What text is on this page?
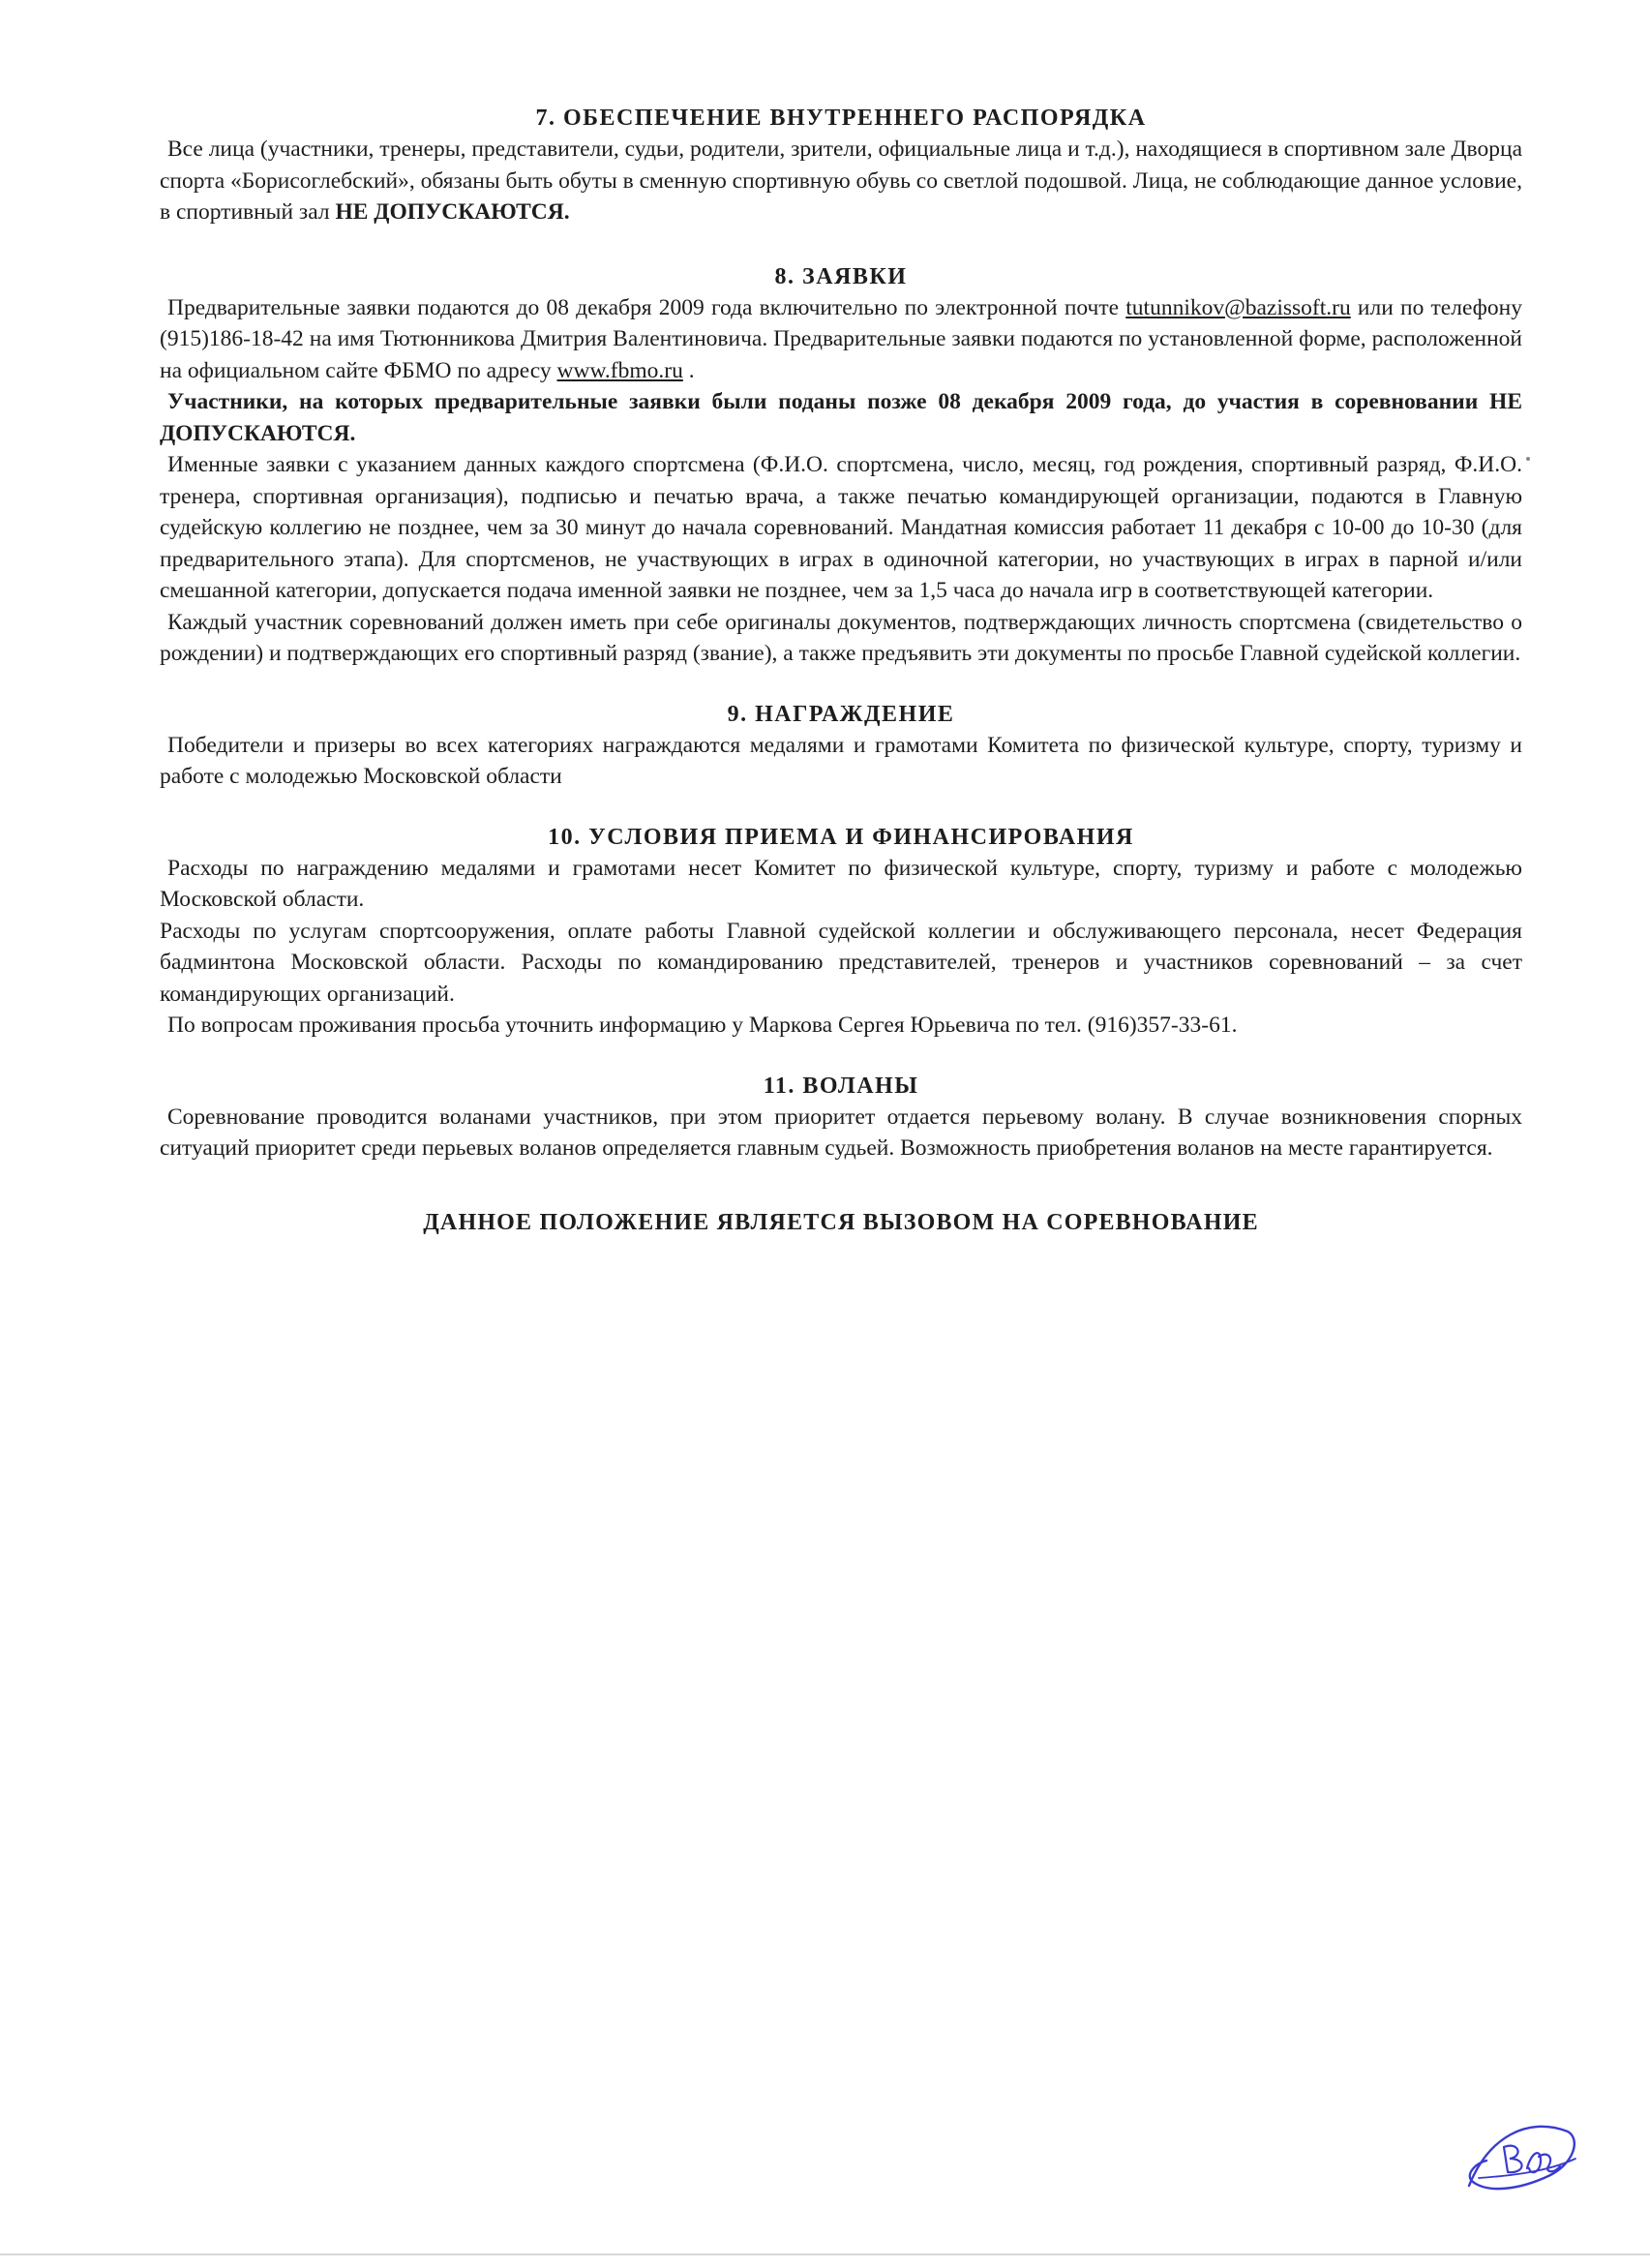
7. ОБЕСПЕЧЕНИЕ ВНУТРЕННЕГО РАСПОРЯДКА

Все лица (участники, тренеры, представители, судьи, родители, зрители, официальные лица и т.д.), находящиеся в спортивном зале Дворца спорта «Борисоглебский», обязаны быть обуты в сменную спортивную обувь со светлой подошвой. Лица, не соблюдающие данное условие, в спортивный зал НЕ ДОПУСКАЮТСЯ.

8. ЗАЯВКИ

Предварительные заявки подаются до 08 декабря 2009 года включительно по электронной почте tutunnikov@bazissoft.ru или по телефону (915)186-18-42 на имя Тютюнникова Дмитрия Валентиновича. Предварительные заявки подаются по установленной форме, расположенной на официальном сайте ФБМО по адресу www.fbmo.ru .

Участники, на которых предварительные заявки были поданы позже 08 декабря 2009 года, до участия в соревновании НЕ ДОПУСКАЮТСЯ.

Именные заявки с указанием данных каждого спортсмена (Ф.И.О. спортсмена, число, месяц, год рождения, спортивный разряд, Ф.И.О. тренера, спортивная организация), подписью и печатью врача, а также печатью командирующей организации, подаются в Главную судейскую коллегию не позднее, чем за 30 минут до начала соревнований. Мандатная комиссия работает 11 декабря с 10-00 до 10-30 (для предварительного этапа). Для спортсменов, не участвующих в играх в одиночной категории, но участвующих в играх в парной и/или смешанной категории, допускается подача именной заявки не позднее, чем за 1,5 часа до начала игр в соответствующей категории.

Каждый участник соревнований должен иметь при себе оригиналы документов, подтверждающих личность спортсмена (свидетельство о рождении) и подтверждающих его спортивный разряд (звание), а также предъявить эти документы по просьбе Главной судейской коллегии.

9. НАГРАЖДЕНИЕ

Победители и призеры во всех категориях награждаются медалями и грамотами Комитета по физической культуре, спорту, туризму и работе с молодежью Московской области

10. УСЛОВИЯ ПРИЕМА И ФИНАНСИРОВАНИЯ

Расходы по награждению медалями и грамотами несет Комитет по физической культуре, спорту, туризму и работе с молодежью Московской области.

Расходы по услугам спортсооружения, оплате работы Главной судейской коллегии и обслуживающего персонала, несет Федерация бадминтона Московской области. Расходы по командированию представителей, тренеров и участников соревнований – за счет командирующих организаций.

По вопросам проживания просьба уточнить информацию у Маркова Сергея Юрьевича по тел. (916)357-33-61.

11. ВОЛАНЫ

Соревнование проводится воланами участников, при этом приоритет отдается перьевому волану. В случае возникновения спорных ситуаций приоритет среди перьевых воланов определяется главным судьей. Возможность приобретения воланов на месте гарантируется.

ДАННОЕ ПОЛОЖЕНИЕ ЯВЛЯЕТСЯ ВЫЗОВОМ НА СОРЕВНОВАНИЕ
